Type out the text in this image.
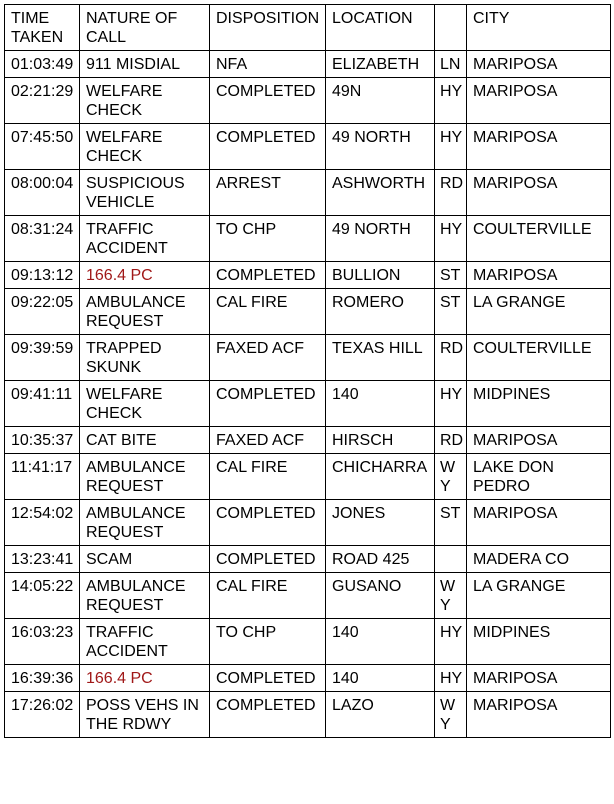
TIME TAKEN	NATURE OF CALL	DISPOSITION	LOCATION		CITY
01:03:49	911 MISDIAL	NFA	ELIZABETH	LN	MARIPOSA
02:21:29	WELFARE CHECK	COMPLETED	49N	HY	MARIPOSA
07:45:50	WELFARE CHECK	COMPLETED	49 NORTH	HY	MARIPOSA
08:00:04	SUSPICIOUS VEHICLE	ARREST	ASHWORTH	RD	MARIPOSA
08:31:24	TRAFFIC ACCIDENT	TO CHP	49 NORTH	HY	COULTERVILLE
09:13:12	166.4 PC	COMPLETED	BULLION	ST	MARIPOSA
09:22:05	AMBULANCE REQUEST	CAL FIRE	ROMERO	ST	LA GRANGE
09:39:59	TRAPPED SKUNK	FAXED ACF	TEXAS HILL	RD	COULTERVILLE
09:41:11	WELFARE CHECK	COMPLETED	140	HY	MIDPINES
10:35:37	CAT BITE	FAXED ACF	HIRSCH	RD	MARIPOSA
11:41:17	AMBULANCE REQUEST	CAL FIRE	CHICHARRA	WY	LAKE DON PEDRO
12:54:02	AMBULANCE REQUEST	COMPLETED	JONES	ST	MARIPOSA
13:23:41	SCAM	COMPLETED	ROAD 425		MADERA CO
14:05:22	AMBULANCE REQUEST	CAL FIRE	GUSANO	WY	LA GRANGE
16:03:23	TRAFFIC ACCIDENT	TO CHP	140	HY	MIDPINES
16:39:36	166.4 PC	COMPLETED	140	HY	MARIPOSA
17:26:02	POSS VEHS IN THE RDWY	COMPLETED	LAZO	WY	MARIPOSA
